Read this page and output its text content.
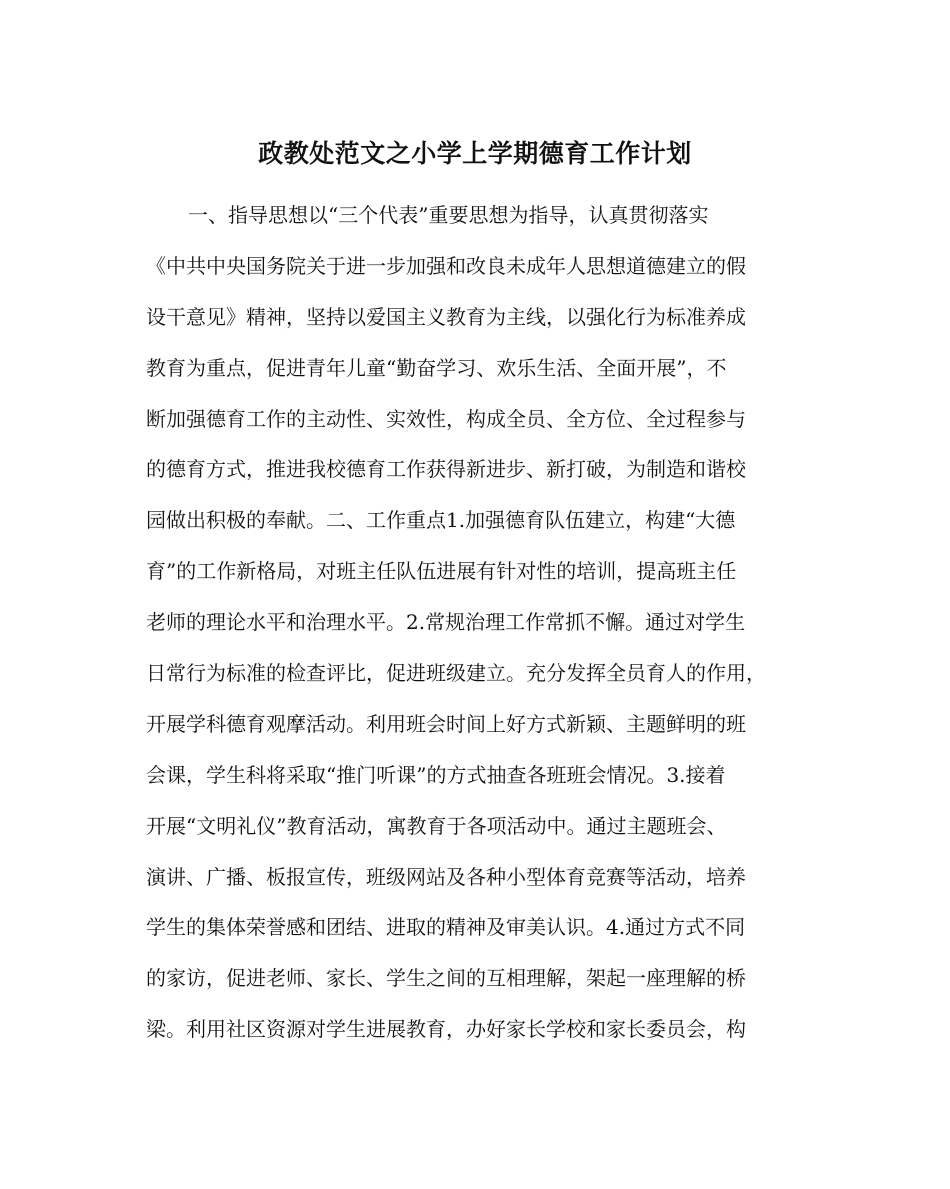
政教处范文之小学上学期德育工作计划
一、指导思想以“三个代表”重要思想为指导，认真贯彻落实
《中共中央国务院关于进一步加强和改良未成年人思想道德建立的假
设干意见》精神，坚持以爱国主义教育为主线，以强化行为标准养成
教育为重点，促进青年儿童“勤奋学习、欢乐生活、全面开展”，不
断加强德育工作的主动性、实效性，构成全员、全方位、全过程参与
的德育方式，推进我校德育工作获得新进步、新打破，为制造和谐校
园做出积极的奉献。二、工作重点1.加强德育队伍建立，构建“大德
育”的工作新格局，对班主任队伍进展有针对性的培训，提高班主任
老师的理论水平和治理水平。2.常规治理工作常抓不懈。通过对学生
日常行为标准的检查评比，促进班级建立。充分发挥全员育人的作用，
开展学科德育观摩活动。利用班会时间上好方式新颖、主题鲜明的班
会课，学生科将采取“推门听课”的方式抽查各班班会情况。3.接着
开展“文明礼仪”教育活动，寓教育于各项活动中。通过主题班会、
演讲、广播、板报宣传，班级网站及各种小型体育竞赛等活动，培养
学生的集体荣誉感和团结、进取的精神及审美认识。4.通过方式不同
的家访，促进老师、家长、学生之间的互相理解，架起一座理解的桥
梁。利用社区资源对学生进展教育，办好家长学校和家长委员会，构
